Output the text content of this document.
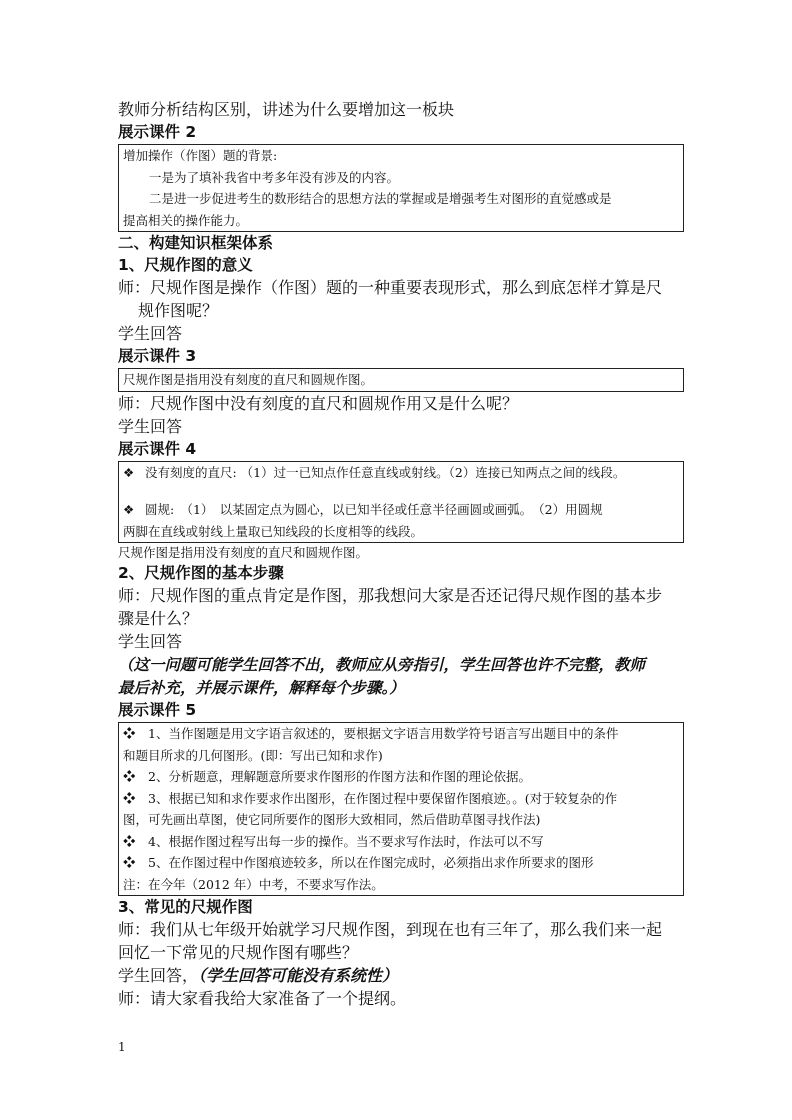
教师分析结构区别，讲述为什么要增加这一板块

展示课件 2

增加操作（作图）题的背景:

一是为了填补我省中考多年没有涉及的内容。

二是进一步促进考生的数形结合的思想方法的掌握或是增强考生对图形的直觉感或是

提高相关的操作能力。

二、构建知识框架体系

1、尺规作图的意义

师：尺规作图是操作（作图）题的一种重要表现形式，那么到底怎样才算是尺

规作图呢？

学生回答

展示课件 3

尺规作图是指用没有刻度的直尺和圆规作图。

师：尺规作图中没有刻度的直尺和圆规作用又是什么呢？

学生回答

展示课件 4

❖ 没有刻度的直尺: （1）过一已知点作任意直线或射线。（2）连接已知两点之间的线段。

❖ 圆规:　（1）　以某固定点为圆心，以已知半径或任意半径画圆或画弧。　（2）用圆规

两脚在直线或射线上量取已知线段的长度相等的线段。

尺规作图是指用没有刻度的直尺和圆规作图。

2、尺规作图的基本步骤

师：尺规作图的重点肯定是作图，那我想问大家是否还记得尺规作图的基本步

骤是什么？

学生回答

（这一问题可能学生回答不出，教师应从旁指引，学生回答也许不完整，教师

最后补充，并展示课件，解释每个步骤。）

展示课件 5

❖　1、当作图题是用文字语言叙述的，要根据文字语言用数学符号语言写出题目中的条件

和题目所求的几何图形。(即：写出已知和求作)

❖　2、分析题意，理解题意所要求作图形的作图方法和作图的理论依据。

❖　3、根据已知和求作要求作出图形，在作图过程中要保留作图痕迹。。(对于较复杂的作

图，可先画出草图，使它同所要作的图形大致相同，然后借助草图寻找作法)

❖　4、根据作图过程写出每一步的操作。当不要求写作法时，作法可以不写

❖　5、在作图过程中作图痕迹较多，所以在作图完成时，必须指出求作所要求的图形

注：在今年（2012 年）中考，不要求写作法。

3、常见的尺规作图

师：我们从七年级开始就学习尺规作图，到现在也有三年了，那么我们来一起

回忆一下常见的尺规作图有哪些？

学生回答，（学生回答可能没有系统性）

师：请大家看我给大家准备了一个提纲。

1
